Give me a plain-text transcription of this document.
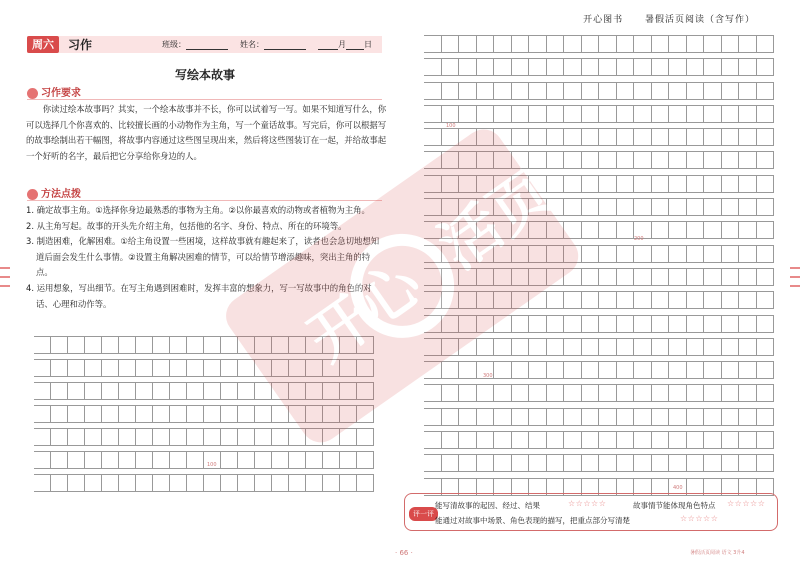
开心图书 暑假活页阅读（含写作）
周六	习作	班级：	姓名：	月 日
写绘本故事
习作要求
你读过绘本故事吗？其实，一个绘本故事并不长，你可以试着写一写。如果不知道写什么，你可以选择几个你喜欢的、比较擅长画的小动物作为主角，写一个童话故事。写完后，你可以根据写的故事绘制出若干幅图，将故事内容通过这些图呈现出来，然后将这些图装订在一起，并给故事起一个好听的名字，最后把它分享给你身边的人。
方法点拨
1. 确定故事主角。①选择你身边最熟悉的事物为主角。②以你最喜欢的动物或者植物为主角。
2. 从主角写起。故事的开头先介绍主角，包括他的名字、身份、特点、所在的环境等。
3. 制造困难，化解困难。①给主角设置一些困境，这样故事就有趣起来了，读者也会急切地想知道后面会发生什么事情。②设置主角解决困难的情节，可以给情节增添趣味，突出主角的特点。
4. 运用想象，写出细节。在写主角遇到困难时，发挥丰富的想象力，写一写故事中的角色的对话、心理和动作等。
100
100
200
300
400
开心
活页
评一评
能写清故事的起因、经过、结果	☆☆☆☆☆	故事情节能体现角色特点 ☆☆☆☆☆
能通过对故事中场景、角色表现的描写，把重点部分写清楚	☆☆☆☆☆
· 66 ·	暑假活页阅读 语文 3升4
